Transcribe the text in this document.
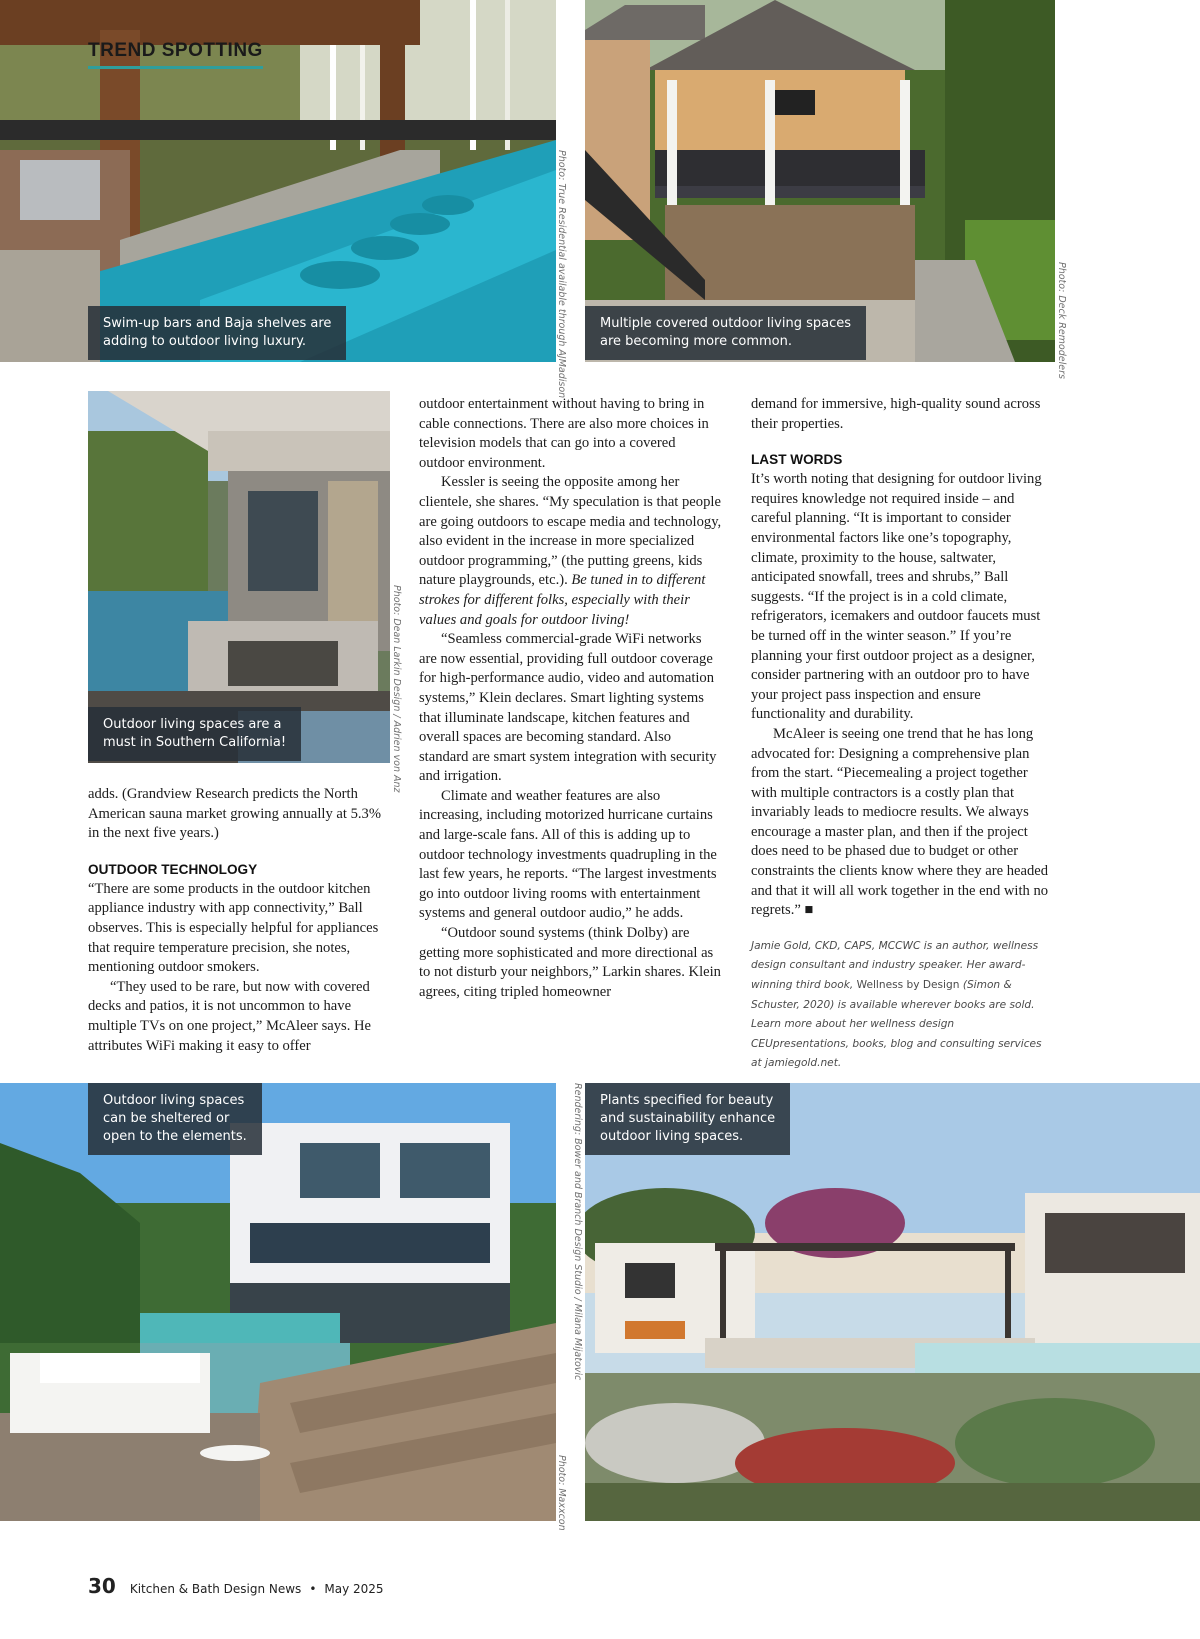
TREND SPOTTING
Swim-up bars and Baja shelves are
adding to outdoor living luxury.	Photo: True Residential available through AJMadison	Multiple covered outdoor living spaces
are becoming more common.	Photo: Deck Remodelers
Outdoor living spaces are a
must in Southern California!	Photo: Dean Larkin Design / Adrien von Anz

adds. (Grandview Research predicts the North American sauna market growing annually at 5.3% in the next five years.)

OUTDOOR TECHNOLOGY

“There are some products in the outdoor kitchen appliance industry with app connectivity,” Ball observes. This is especially helpful for appliances that require temperature precision, she notes, mentioning outdoor smokers.

“They used to be rare, but now with covered decks and patios, it is not uncommon to have multiple TVs on one project,” McAleer says. He attributes WiFi making it easy to offer

outdoor entertainment without having to bring in cable connections. There are also more choices in television models that can go into a covered outdoor environment.

Kessler is seeing the opposite among her clientele, she shares. “My speculation is that people are going outdoors to escape media and technology, also evident in the increase in more specialized outdoor programming,” (the putting greens, kids nature playgrounds, etc.). Be tuned in to different strokes for different folks, especially with their values and goals for outdoor living!

“Seamless commercial-grade WiFi networks are now essential, providing full outdoor coverage for high-performance audio, video and automation systems,” Klein declares. Smart lighting systems that illuminate landscape, kitchen features and overall spaces are becoming standard. Also standard are smart system integration with security and irrigation.

Climate and weather features are also increasing, including motorized hurricane curtains and large-scale fans. All of this is adding up to outdoor technology investments quadrupling in the last few years, he reports. “The largest investments go into outdoor living rooms with entertainment systems and general outdoor audio,” he adds.

“Outdoor sound systems (think Dolby) are getting more sophisticated and more directional as to not disturb your neighbors,” Larkin shares. Klein agrees, citing tripled homeowner

demand for immersive, high-quality sound across their properties.

LAST WORDS

It’s worth noting that designing for outdoor living requires knowledge not required inside – and careful planning. “It is important to consider environmental factors like one’s topography, climate, proximity to the house, saltwater, anticipated snowfall, trees and shrubs,” Ball suggests. “If the project is in a cold climate, refrigerators, icemakers and outdoor faucets must be turned off in the winter season.” If you’re planning your first outdoor project as a designer, consider partnering with an outdoor pro to have your project pass inspection and ensure functionality and durability.

McAleer is seeing one trend that he has long advocated for: Designing a comprehensive plan from the start. “Piecemealing a project together with multiple contractors is a costly plan that invariably leads to mediocre results. We always encourage a master plan, and then if the project does need to be phased due to budget or other constraints the clients know where they are headed and that it will all work together in the end with no regrets.” ■

Jamie Gold, CKD, CAPS, MCCWC is an author, wellness design consultant and industry speaker. Her award-winning third book, Wellness by Design (Simon & Schuster, 2020) is available wherever books are sold. Learn more about her wellness design CEUpresentations, books, blog and consulting services at jamiegold.net.

Outdoor living spaces
can be sheltered or
open to the elements.
Photo: Maxxcon
Plants specified for beauty
and sustainability enhance
outdoor living spaces.
Rendering: Bower and Branch Design Studio / Milana Mijatovic
30 Kitchen & Bath Design News • May 2025
